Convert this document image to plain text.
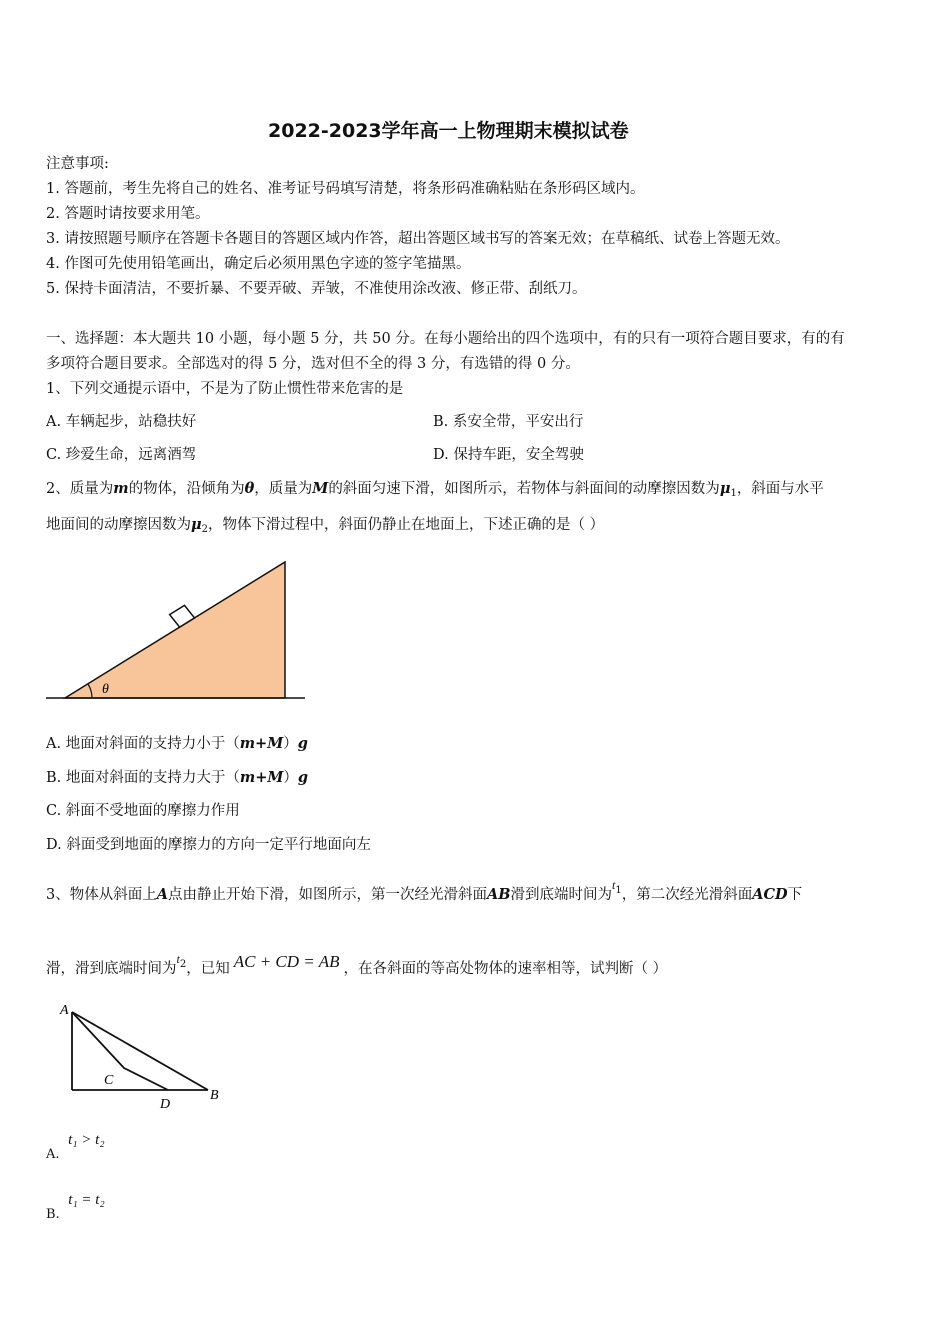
2022-2023学年高一上物理期末模拟试卷
注意事项:
1. 答题前，考生先将自己的姓名、准考证号码填写清楚，将条形码准确粘贴在条形码区域内。
2. 答题时请按要求用笔。
3. 请按照题号顺序在答题卡各题目的答题区域内作答，超出答题区域书写的答案无效；在草稿纸、试卷上答题无效。
4. 作图可先使用铅笔画出，确定后必须用黑色字迹的签字笔描黑。
5. 保持卡面清洁，不要折暴、不要弄破、弄皱，不准使用涂改液、修正带、刮纸刀。
一、选择题：本大题共 10 小题，每小题 5 分，共 50 分。在每小题给出的四个选项中，有的只有一项符合题目要求，有的有
多项符合题目要求。全部选对的得 5 分，选对但不全的得 3 分，有选错的得 0 分。
1、下列交通提示语中，不是为了防止惯性带来危害的是
A. 车辆起步，站稳扶好	B. 系安全带，平安出行
C. 珍爱生命，远离酒驾	D. 保持车距，安全驾驶
2、质量为m的物体，沿倾角为θ，质量为M的斜面匀速下滑，如图所示，若物体与斜面间的动摩擦因数为$\mu_1$，斜面与水平
地面间的动摩擦因数为$\mu_2$，物体下滑过程中，斜面仍静止在地面上，下述正确的是（ ）
θ
A. 地面对斜面的支持力小于（m+M）g
B. 地面对斜面的支持力大于（m+M）g
C. 斜面不受地面的摩擦力作用
D. 斜面受到地面的摩擦力的方向一定平行地面向左
3、物体从斜面上A点由静止开始下滑，如图所示，第一次经光滑斜面AB滑到底端时间为$^{t1}$，第二次经光滑斜面ACD下
滑，滑到底端时间为$^{t2}$，已知 AC + CD = AB ，在各斜面的等高处物体的速率相等，试判断（ ）
A
B
C
D
A. t₁ > t₂
B. t₁ = t₂
